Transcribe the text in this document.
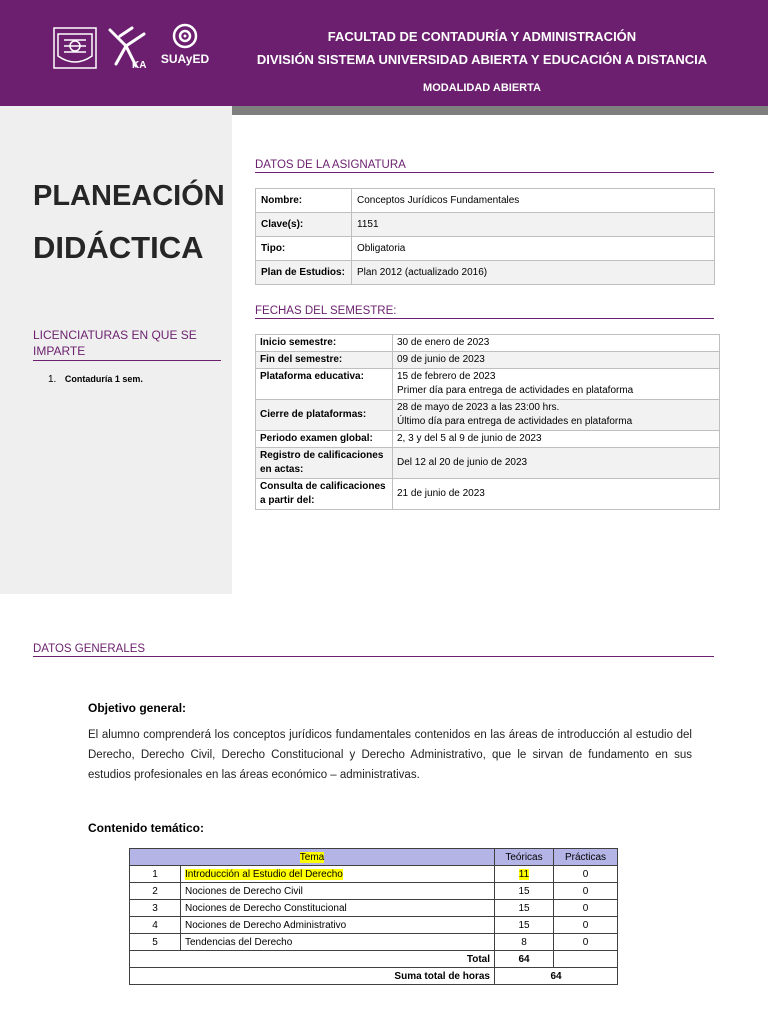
KA	SUAyED
FACULTAD DE CONTADURÍA Y ADMINISTRACIÓN
DIVISIÓN SISTEMA UNIVERSIDAD ABIERTA Y EDUCACIÓN A DISTANCIA
MODALIDAD ABIERTA
PLANEACIÓN
DIDÁCTICA
LICENCIATURAS EN QUE SE IMPARTE
1. Contaduría 1 sem.
DATOS DE LA ASIGNATURA
Nombre:	Conceptos Jurídicos Fundamentales
Clave(s):	1151
Tipo:	Obligatoria
Plan de Estudios:	Plan 2012 (actualizado 2016)
FECHAS DEL SEMESTRE:
Inicio semestre:	30 de enero de 2023

Fin del semestre:	09 de junio de 2023

Plataforma educativa:	15 de febrero de 2023
Primer día para entrega de actividades en plataforma

Cierre de plataformas:	28 de mayo de 2023 a las 23:00 hrs.
Último día para entrega de actividades en plataforma

Periodo examen global:	2, 3 y del 5 al 9 de junio de 2023

Registro de calificaciones en actas:	Del 12 al 20 de junio de 2023

Consulta de calificaciones a partir del:	21 de junio de 2023
DATOS GENERALES
Objetivo general:
El alumno comprenderá los conceptos jurídicos fundamentales contenidos en las áreas de introducción al estudio del Derecho, Derecho Civil, Derecho Constitucional y Derecho Administrativo, que le sirvan de fundamento en sus estudios profesionales en las áreas económico – administrativas.
Contenido temático:
Tema		Teóricas	Prácticas
1	Introducción al Estudio del Derecho	11	0
2	Nociones de Derecho Civil	15	0
3	Nociones de Derecho Constitucional	15	0
4	Nociones de Derecho Administrativo	15	0
5	Tendencias del Derecho	8	0
Total		64	
Suma total de horas		64	
